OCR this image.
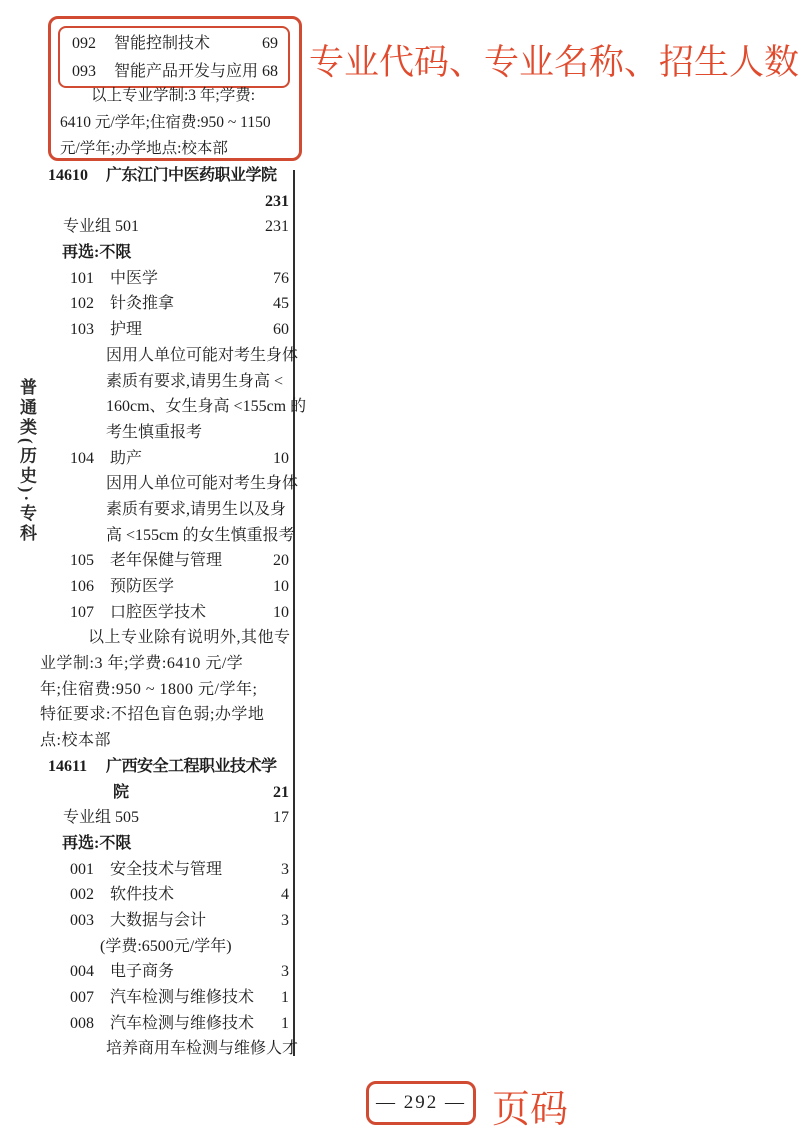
普通类(历史)·专科
092	智能控制技术	69
093	智能产品开发与应用 68
以上专业学制:3 年;学费:
6410 元/学年;住宿费:950 ~ 1150
元/学年;办学地点:校本部
专业代码、专业名称、招生人数
14610	广东江门中医药职业学院
231
专业组 501	231
再选:不限
101	中医学	76
102	针灸推拿	45
103	护理	60
因用人单位可能对考生身体
素质有要求,请男生身高 <
160cm、女生身高 <155cm 的
考生慎重报考
104	助产	10
因用人单位可能对考生身体
素质有要求,请男生以及身
高 <155cm 的女生慎重报考
105	老年保健与管理	20
106	预防医学	10
107	口腔医学技术	10
以上专业除有说明外,其他专
业学制:3 年;学费:6410 元/学
年;住宿费:950 ~ 1800 元/学年;
特征要求:不招色盲色弱;办学地
点:校本部
14611	广西安全工程职业技术学
院	21
专业组 505	17
再选:不限
001	安全技术与管理	3
002	软件技术	4
003	大数据与会计	3
(学费:6500元/学年)
004	电子商务	3
007	汽车检测与维修技术	1
008	汽车检测与维修技术	1
培养商用车检测与维修人才
— 292 — 页码
